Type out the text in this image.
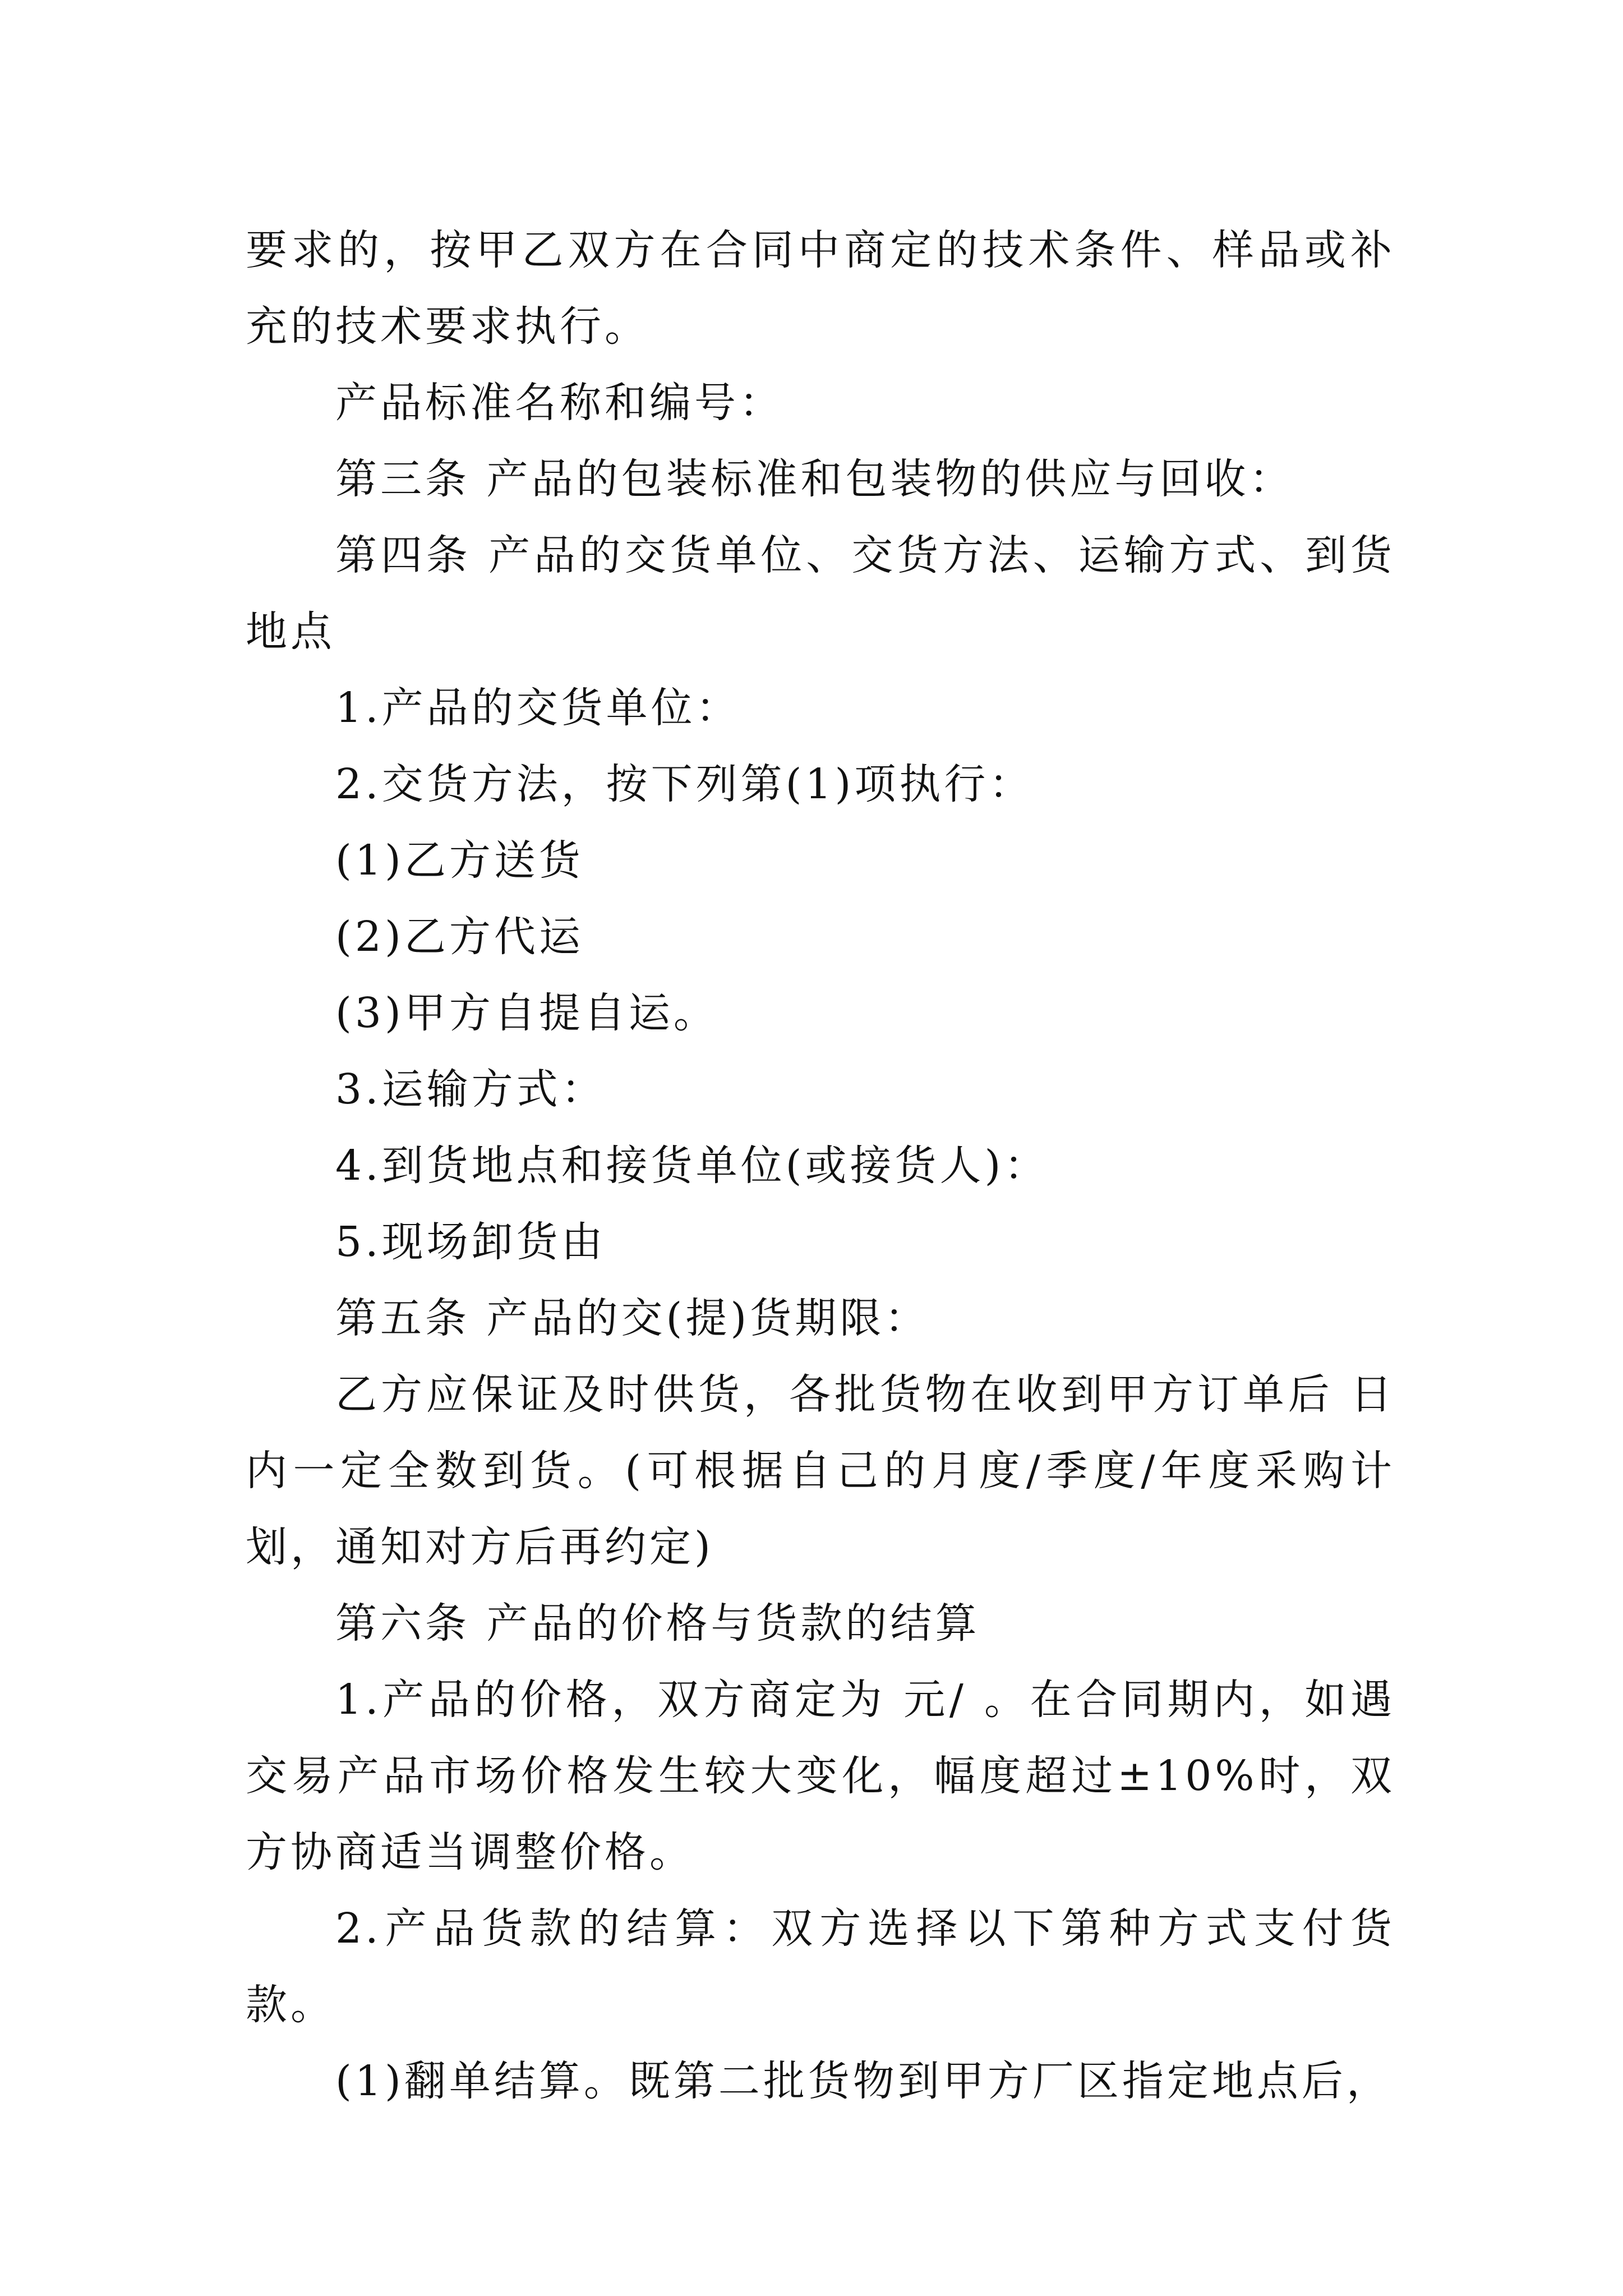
要求的，按甲乙双方在合同中商定的技术条件、样品或补充的技术要求执行。

产品标准名称和编号：

第三条 产品的包装标准和包装物的供应与回收：

第四条 产品的交货单位、交货方法、运输方式、到货地点

1.产品的交货单位：

2.交货方法，按下列第(1)项执行：

(1)乙方送货

(2)乙方代运

(3)甲方自提自运。

3.运输方式：

4.到货地点和接货单位(或接货人)：

5.现场卸货由

第五条 产品的交(提)货期限：

乙方应保证及时供货，各批货物在收到甲方订单后 日内一定全数到货。(可根据自己的月度/季度/年度采购计划，通知对方后再约定)

第六条 产品的价格与货款的结算

1.产品的价格，双方商定为 元/ 。在合同期内，如遇交易产品市场价格发生较大变化，幅度超过±10%时，双方协商适当调整价格。

2.产品货款的结算：双方选择以下第种方式支付货款。

(1)翻单结算。既第二批货物到甲方厂区指定地点后，
